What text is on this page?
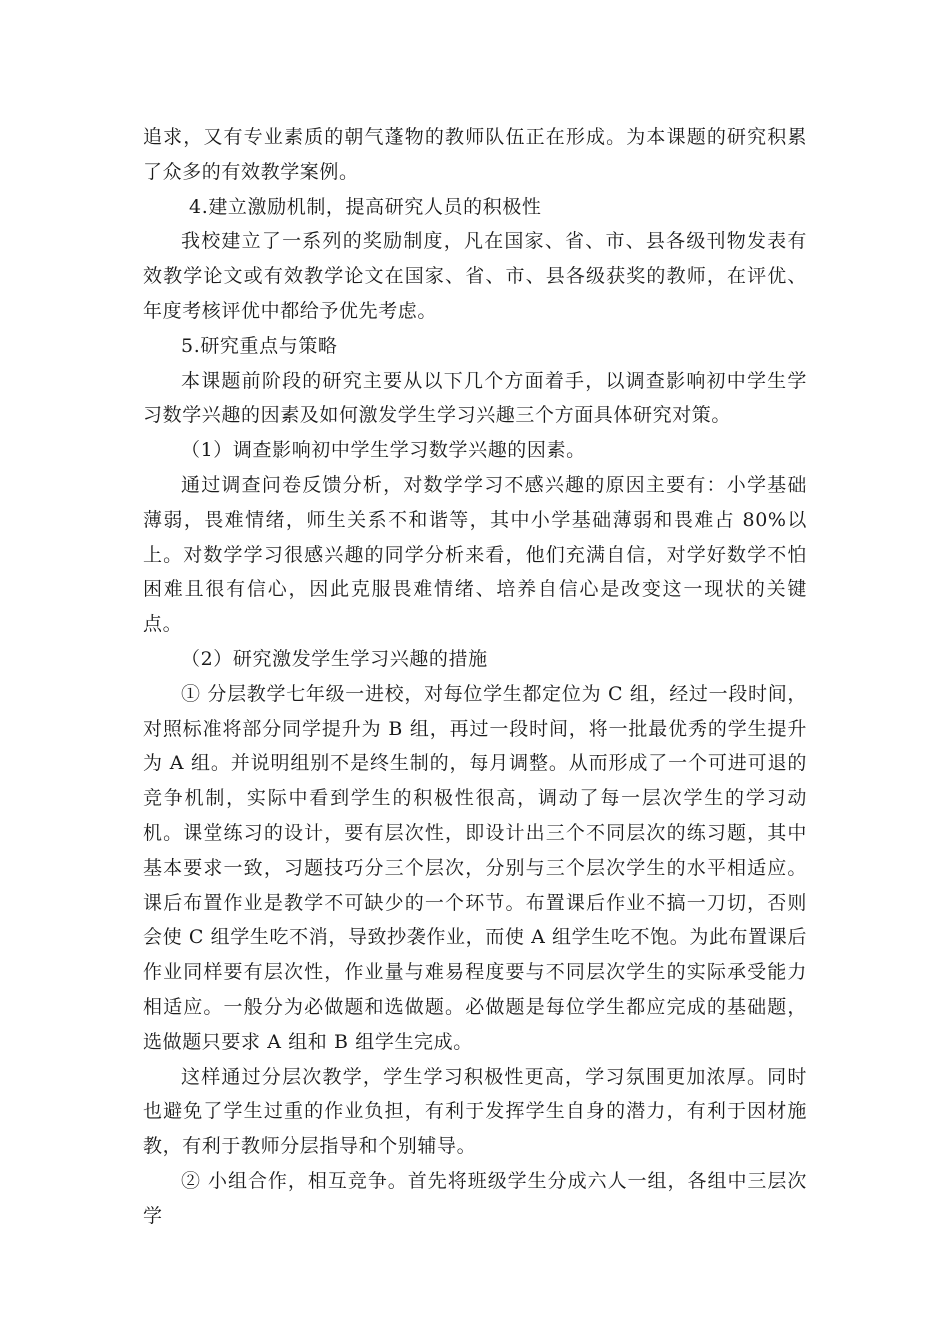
追求，又有专业素质的朝气蓬物的教师队伍正在形成。为本课题的研究积累了众多的有效教学案例。

4.建立激励机制，提高研究人员的积极性

我校建立了一系列的奖励制度，凡在国家、省、市、县各级刊物发表有效教学论文或有效教学论文在国家、省、市、县各级获奖的教师，在评优、年度考核评优中都给予优先考虑。

5.研究重点与策略

本课题前阶段的研究主要从以下几个方面着手，以调查影响初中学生学习数学兴趣的因素及如何激发学生学习兴趣三个方面具体研究对策。

（1）调查影响初中学生学习数学兴趣的因素。

通过调查问卷反馈分析，对数学学习不感兴趣的原因主要有：小学基础薄弱，畏难情绪，师生关系不和谐等，其中小学基础薄弱和畏难占 80%以上。对数学学习很感兴趣的同学分析来看，他们充满自信，对学好数学不怕困难且很有信心，因此克服畏难情绪、培养自信心是改变这一现状的关键点。

（2）研究激发学生学习兴趣的措施

① 分层教学七年级一进校，对每位学生都定位为 C 组，经过一段时间，对照标准将部分同学提升为 B 组，再过一段时间，将一批最优秀的学生提升为 A 组。并说明组别不是终生制的，每月调整。从而形成了一个可进可退的竞争机制，实际中看到学生的积极性很高，调动了每一层次学生的学习动机。课堂练习的设计，要有层次性，即设计出三个不同层次的练习题，其中基本要求一致，习题技巧分三个层次，分别与三个层次学生的水平相适应。课后布置作业是教学不可缺少的一个环节。布置课后作业不搞一刀切，否则会使 C 组学生吃不消，导致抄袭作业，而使 A 组学生吃不饱。为此布置课后作业同样要有层次性，作业量与难易程度要与不同层次学生的实际承受能力相适应。一般分为必做题和选做题。必做题是每位学生都应完成的基础题，选做题只要求 A 组和 B 组学生完成。

这样通过分层次教学，学生学习积极性更高，学习氛围更加浓厚。同时也避免了学生过重的作业负担，有利于发挥学生自身的潜力，有利于因材施教，有利于教师分层指导和个别辅导。

② 小组合作，相互竞争。首先将班级学生分成六人一组，各组中三层次学
